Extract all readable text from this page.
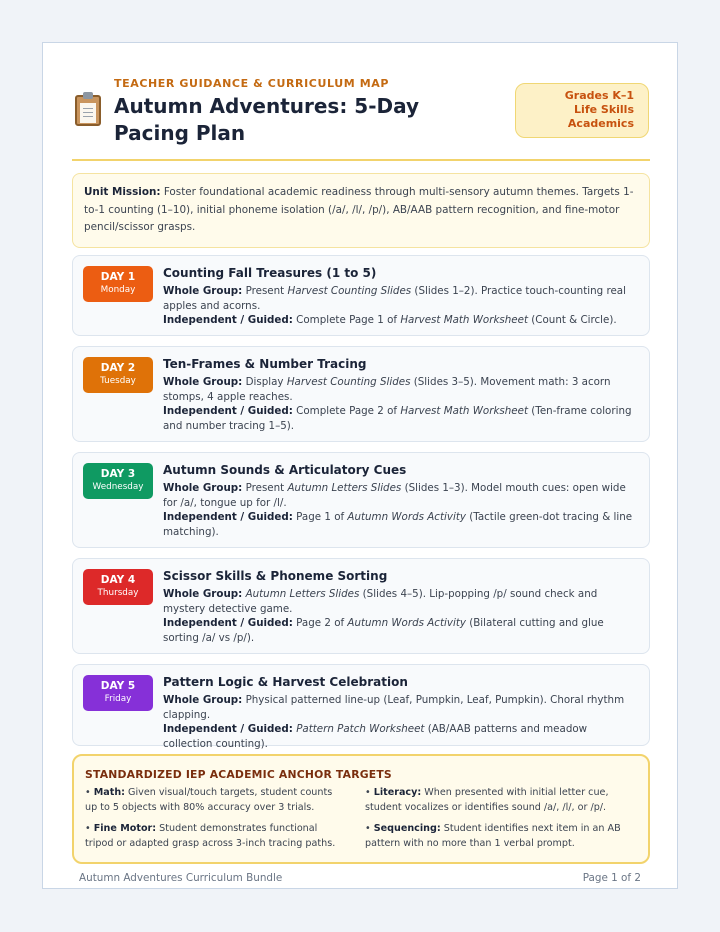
TEACHER GUIDANCE & CURRICULUM MAP
Autumn Adventures: 5-Day Pacing Plan
Grades K–1
Life Skills
Academics
Unit Mission: Foster foundational academic readiness through multi-sensory autumn themes. Targets 1-to-1 counting (1–10), initial phoneme isolation (/a/, /l/, /p/), AB/AAB pattern recognition, and fine-motor pencil/scissor grasps.
DAY 1
Monday
Counting Fall Treasures (1 to 5)
Whole Group: Present Harvest Counting Slides (Slides 1–2). Practice touch-counting real apples and acorns.
Independent / Guided: Complete Page 1 of Harvest Math Worksheet (Count & Circle).
DAY 2
Tuesday
Ten-Frames & Number Tracing
Whole Group: Display Harvest Counting Slides (Slides 3–5). Movement math: 3 acorn stomps, 4 apple reaches.
Independent / Guided: Complete Page 2 of Harvest Math Worksheet (Ten-frame coloring and number tracing 1–5).
DAY 3
Wednesday
Autumn Sounds & Articulatory Cues
Whole Group: Present Autumn Letters Slides (Slides 1–3). Model mouth cues: open wide for /a/, tongue up for /l/.
Independent / Guided: Page 1 of Autumn Words Activity (Tactile green-dot tracing & line matching).
DAY 4
Thursday
Scissor Skills & Phoneme Sorting
Whole Group: Autumn Letters Slides (Slides 4–5). Lip-popping /p/ sound check and mystery detective game.
Independent / Guided: Page 2 of Autumn Words Activity (Bilateral cutting and glue sorting /a/ vs /p/).
DAY 5
Friday
Pattern Logic & Harvest Celebration
Whole Group: Physical patterned line-up (Leaf, Pumpkin, Leaf, Pumpkin). Choral rhythm clapping.
Independent / Guided: Pattern Patch Worksheet (AB/AAB patterns and meadow collection counting).
STANDARDIZED IEP ACADEMIC ANCHOR TARGETS
• Math: Given visual/touch targets, student counts up to 5 objects with 80% accuracy over 3 trials.
• Literacy: When presented with initial letter cue, student vocalizes or identifies sound /a/, /l/, or /p/.
• Fine Motor: Student demonstrates functional tripod or adapted grasp across 3-inch tracing paths.
• Sequencing: Student identifies next item in an AB pattern with no more than 1 verbal prompt.
Autumn Adventures Curriculum Bundle	Page 1 of 2
